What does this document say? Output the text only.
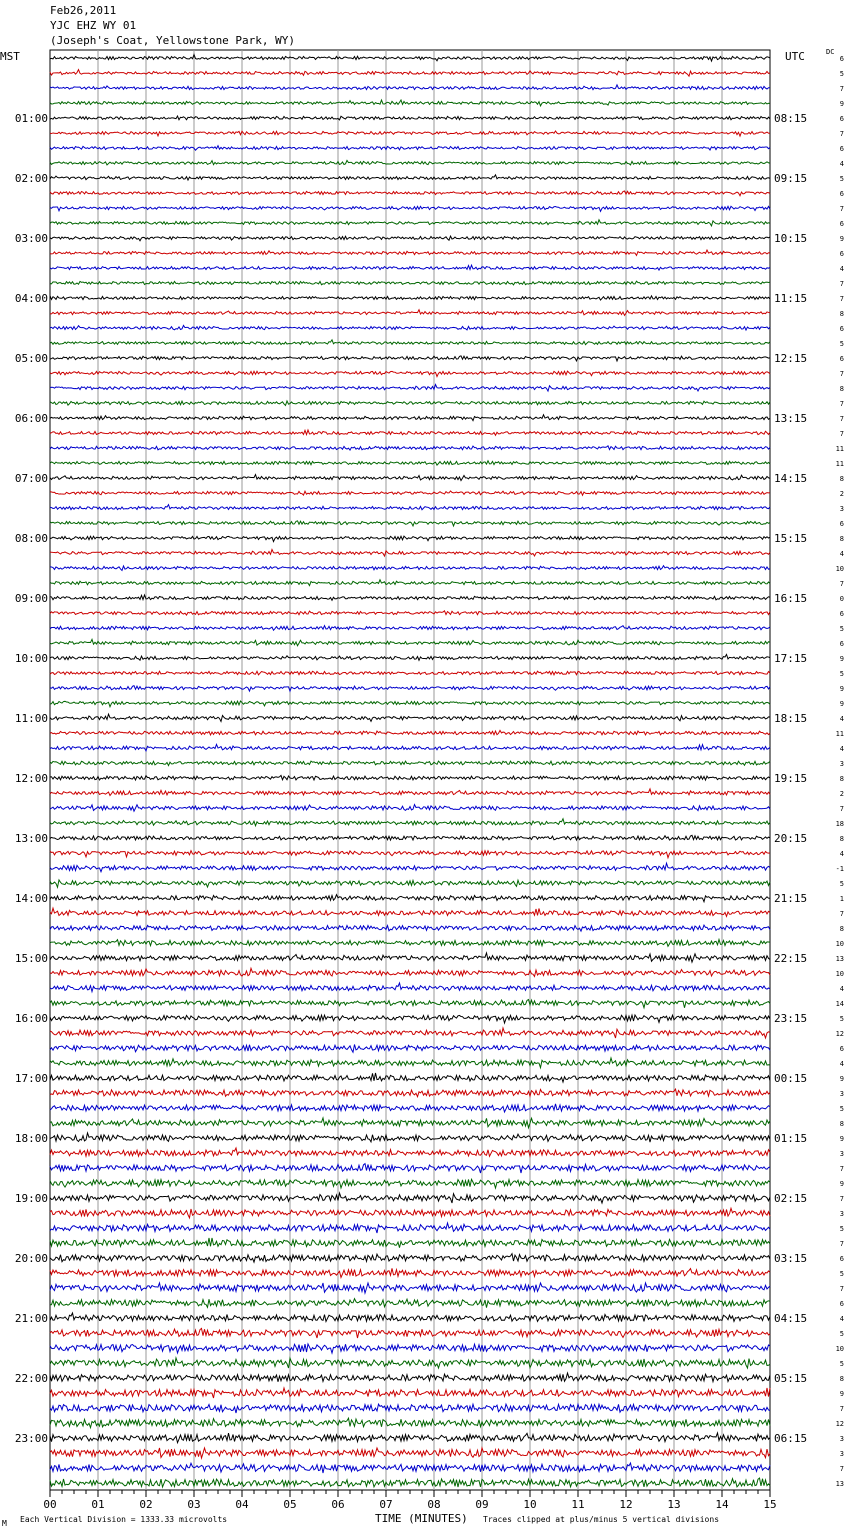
Feb26,2011
YJC EHZ WY 01
(Joseph's Coat, Yellowstone Park, WY)
MST	UTC	DC
6
5
7
9
6
7
6
4
5
6
7
6
9
6
4
7
7
8
6
5
6
7
8
7
7
7
11
11
8
2
3
6
8
4
10
7
0
6
5
6
9
5
9
9
4
11
4
3
8
2
7
18
8
4
-1
5
1
7
8
10
13
10
4
14
5
12
6
4
9
3
5
8
9
3
7
9
7
3
5
7
6
5
7
6
4
5
10
5
8
9
7
12
3
3
7
13
01:00	08:15
02:00	09:15
03:00	10:15
04:00	11:15
05:00	12:15
06:00	13:15
07:00	14:15
08:00	15:15
09:00	16:15
10:00	17:15
11:00	18:15
12:00	19:15
13:00	20:15
14:00	21:15
15:00	22:15
16:00	23:15
17:00	00:15
18:00	01:15
19:00	02:15
20:00	03:15
21:00	04:15
22:00	05:15
23:00	06:15
00	01	02	03	04	05	06	07	08	09	10	11	12	13	14	15
M Each Vertical Division = 1333.33 microvolts	TIME (MINUTES) Traces clipped at plus/minus 5 vertical divisions
